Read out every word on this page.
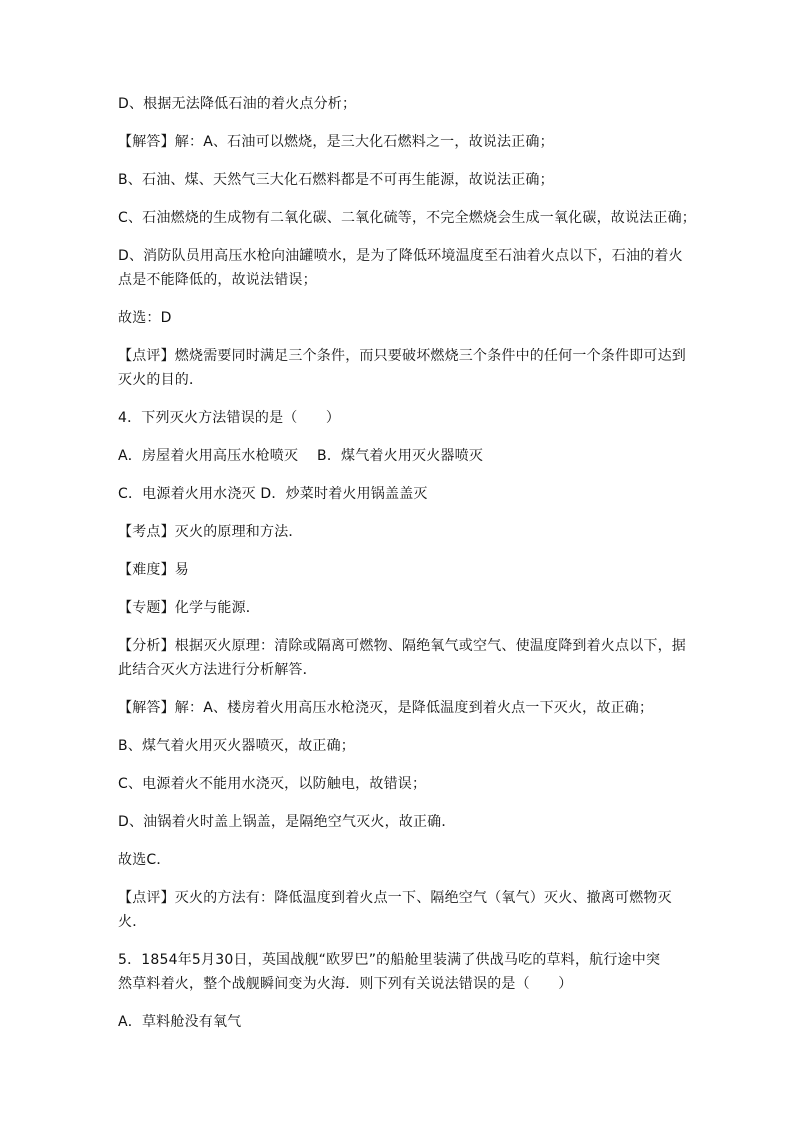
D、根据无法降低石油的着火点分析；

【解答】解：A、石油可以燃烧，是三大化石燃料之一，故说法正确；

B、石油、煤、天然气三大化石燃料都是不可再生能源，故说法正确；

C、石油燃烧的生成物有二氧化碳、二氧化硫等，不完全燃烧会生成一氧化碳，故说法正确；

D、消防队员用高压水枪向油罐喷水，是为了降低环境温度至石油着火点以下，石油的着火
点是不能降低的，故说法错误；

故选：D

【点评】燃烧需要同时满足三个条件，而只要破坏燃烧三个条件中的任何一个条件即可达到
灭火的目的．

4．下列灭火方法错误的是（　　）

A．房屋着火用高压水枪喷灭　 B．煤气着火用灭火器喷灭

C．电源着火用水浇灭 D．炒菜时着火用锅盖盖灭

【考点】灭火的原理和方法．

【难度】易

【专题】化学与能源．

【分析】根据灭火原理：清除或隔离可燃物、隔绝氧气或空气、使温度降到着火点以下，据
此结合灭火方法进行分析解答．

【解答】解：A、楼房着火用高压水枪浇灭，是降低温度到着火点一下灭火，故正确；

B、煤气着火用灭火器喷灭，故正确；

C、电源着火不能用水浇灭，以防触电，故错误；

D、油锅着火时盖上锅盖，是隔绝空气灭火，故正确．

故选C．

【点评】灭火的方法有：降低温度到着火点一下、隔绝空气（氧气）灭火、撤离可燃物灭
火．

5．1854年5月30日，英国战舰“欧罗巴”的船舱里装满了供战马吃的草料，航行途中突
然草料着火，整个战舰瞬间变为火海．则下列有关说法错误的是（　　）

A．草料舱没有氧气
